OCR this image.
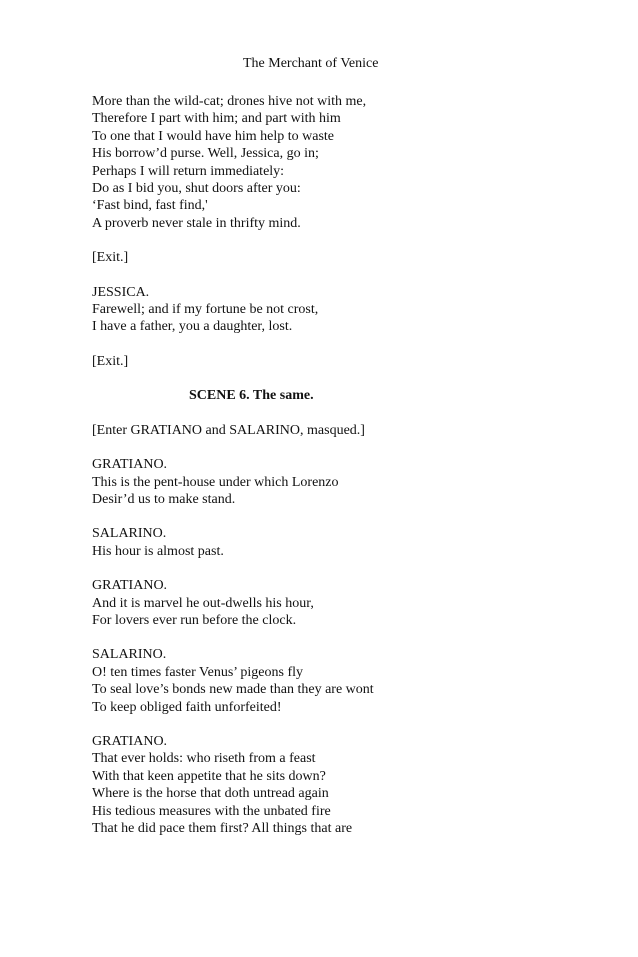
The Merchant of Venice
More than the wild-cat; drones hive not with me,
Therefore I part with him; and part with him
To one that I would have him help to waste
His borrow’d purse. Well, Jessica, go in;
Perhaps I will return immediately:
Do as I bid you, shut doors after you:
‘Fast bind, fast find,'
A proverb never stale in thrifty mind.
[Exit.]
JESSICA.
Farewell; and if my fortune be not crost,
I have a father, you a daughter, lost.
[Exit.]
SCENE 6. The same.
[Enter GRATIANO and SALARINO, masqued.]
GRATIANO.
This is the pent-house under which Lorenzo
Desir’d us to make stand.
SALARINO.
His hour is almost past.
GRATIANO.
And it is marvel he out-dwells his hour,
For lovers ever run before the clock.
SALARINO.
O! ten times faster Venus’ pigeons fly
To seal love’s bonds new made than they are wont
To keep obliged faith unforfeited!
GRATIANO.
That ever holds: who riseth from a feast
With that keen appetite that he sits down?
Where is the horse that doth untread again
His tedious measures with the unbated fire
That he did pace them first? All things that are
